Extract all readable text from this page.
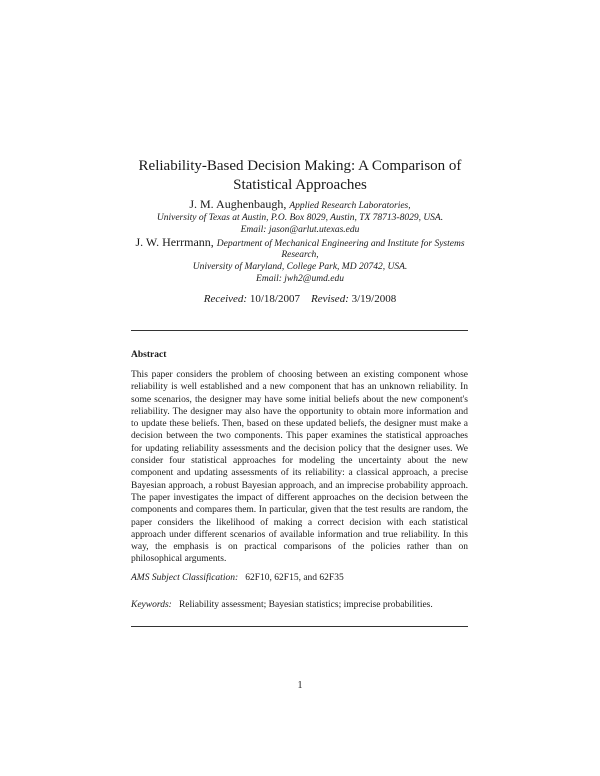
Reliability-Based Decision Making: A Comparison of
Statistical Approaches
J. M. Aughenbaugh, Applied Research Laboratories,
University of Texas at Austin, P.O. Box 8029, Austin, TX 78713-8029, USA.
Email: jason@arlut.utexas.edu
J. W. Herrmann, Department of Mechanical Engineering and Institute for Systems
Research,
University of Maryland, College Park, MD 20742, USA.
Email: jwh2@umd.edu
Received: 10/18/2007 Revised: 3/19/2008
Abstract
This paper considers the problem of choosing between an existing component whose reliability is well established and a new component that has an unknown reliability. In some scenarios, the designer may have some initial beliefs about the new component's reliability. The designer may also have the opportunity to obtain more information and to update these beliefs. Then, based on these updated beliefs, the designer must make a decision between the two components. This paper examines the statistical approaches for updating reliability assessments and the decision policy that the designer uses. We consider four statistical approaches for modeling the uncertainty about the new component and updating assessments of its reliability: a classical approach, a precise Bayesian approach, a robust Bayesian approach, and an imprecise probability approach. The paper investigates the impact of different approaches on the decision between the components and compares them. In particular, given that the test results are random, the paper considers the likelihood of making a correct decision with each statistical approach under different scenarios of available information and true reliability. In this way, the emphasis is on practical comparisons of the policies rather than on philosophical arguments.
AMS Subject Classification: 62F10, 62F15, and 62F35
Keywords: Reliability assessment; Bayesian statistics; imprecise probabilities.
1
